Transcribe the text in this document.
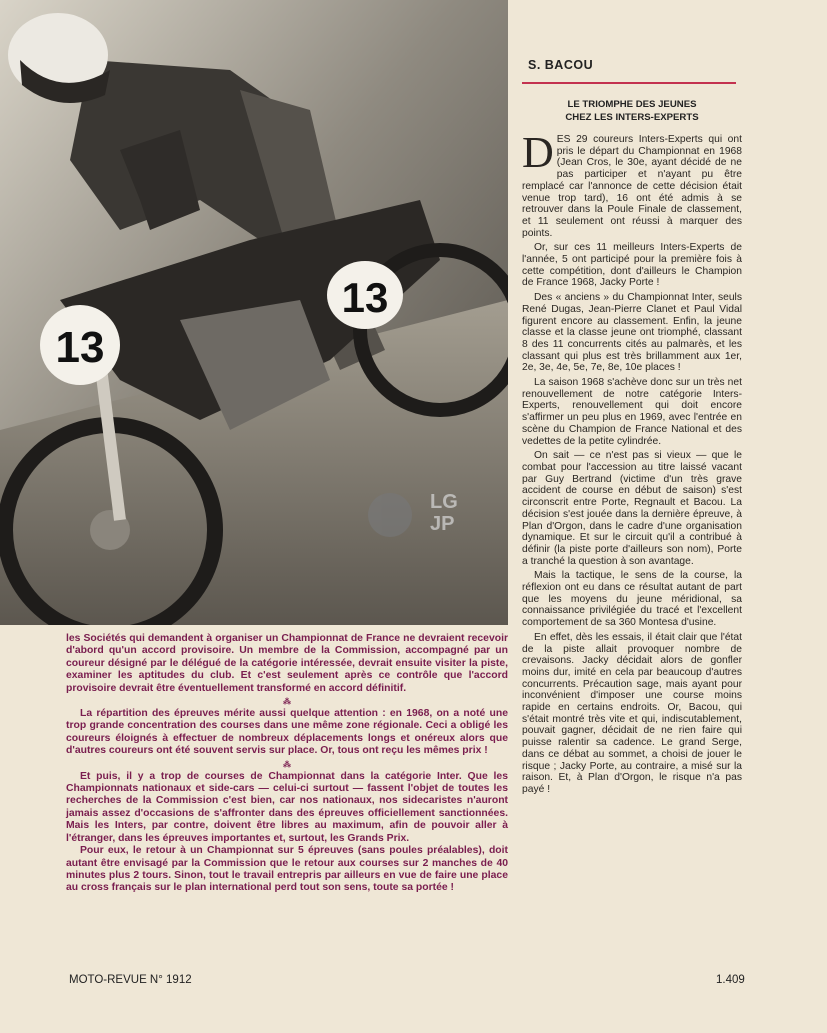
13
13
LG
JP

les Sociétés qui demandent à organiser un Championnat de France ne devraient recevoir d'abord qu'un accord provisoire. Un membre de la Commission, accompagné par un coureur désigné par le délégué de la catégorie intéressée, devrait ensuite visiter la piste, examiner les aptitudes du club. Et c'est seulement après ce contrôle que l'accord provisoire devrait être éventuellement transformé en accord définitif.

⁂

La répartition des épreuves mérite aussi quelque attention : en 1968, on a noté une trop grande concentration des courses dans une même zone régionale. Ceci a obligé les coureurs éloignés à effectuer de nombreux déplacements longs et onéreux alors que d'autres coureurs ont été souvent servis sur place. Or, tous ont reçu les mêmes prix !

⁂

Et puis, il y a trop de courses de Championnat dans la catégorie Inter. Que les Championnats nationaux et side-cars — celui-ci surtout — fassent l'objet de toutes les recherches de la Commission c'est bien, car nos nationaux, nos sidecaristes n'auront jamais assez d'occasions de s'affronter dans des épreuves officiellement sanctionnées. Mais les Inters, par contre, doivent être libres au maximum, afin de pouvoir aller à l'étranger, dans les épreuves importantes et, surtout, les Grands Prix.

Pour eux, le retour à un Championnat sur 5 épreuves (sans poules préalables), doit autant être envisagé par la Commission que le retour aux courses sur 2 manches de 40 minutes plus 2 tours. Sinon, tout le travail entrepris par ailleurs en vue de faire une place au cross français sur le plan international perd tout son sens, toute sa portée !

S. BACOU
LE TRIOMPHE DES JEUNES
CHEZ LES INTERS-EXPERTS

DES 29 coureurs Inters-Experts qui ont pris le départ du Championnat en 1968 (Jean Cros, le 30e, ayant décidé de ne pas participer et n'ayant pu être remplacé car l'annonce de cette décision était venue trop tard), 16 ont été admis à se retrouver dans la Poule Finale de classement, et 11 seulement ont réussi à marquer des points.

Or, sur ces 11 meilleurs Inters-Experts de l'année, 5 ont participé pour la première fois à cette compétition, dont d'ailleurs le Champion de France 1968, Jacky Porte !

Des « anciens » du Championnat Inter, seuls René Dugas, Jean-Pierre Clanet et Paul Vidal figurent encore au classement. Enfin, la jeune classe et la classe jeune ont triomphé, classant 8 des 11 concurrents cités au palmarès, et les classant qui plus est très brillamment aux 1er, 2e, 3e, 4e, 5e, 7e, 8e, 10e places !

La saison 1968 s'achève donc sur un très net renouvellement de notre catégorie Inters-Experts, renouvellement qui doit encore s'affirmer un peu plus en 1969, avec l'entrée en scène du Champion de France National et des vedettes de la petite cylindrée.

On sait — ce n'est pas si vieux — que le combat pour l'accession au titre laissé vacant par Guy Bertrand (victime d'un très grave accident de course en début de saison) s'est circonscrit entre Porte, Regnault et Bacou. La décision s'est jouée dans la dernière épreuve, à Plan d'Orgon, dans le cadre d'une organisation dynamique. Et sur le circuit qu'il a contribué à définir (la piste porte d'ailleurs son nom), Porte a tranché la question à son avantage.

Mais la tactique, le sens de la course, la réflexion ont eu dans ce résultat autant de part que les moyens du jeune méridional, sa connaissance privilégiée du tracé et l'excellent comportement de sa 360 Montesa d'usine.

En effet, dès les essais, il était clair que l'état de la piste allait provoquer nombre de crevaisons. Jacky décidait alors de gonfler moins dur, imité en cela par beaucoup d'autres concurrents. Précaution sage, mais ayant pour inconvénient d'imposer une course moins rapide en certains endroits. Or, Bacou, qui s'était montré très vite et qui, indiscutablement, pouvait gagner, décidait de ne rien faire qui puisse ralentir sa cadence. Le grand Serge, dans ce débat au sommet, a choisi de jouer le risque ; Jacky Porte, au contraire, a misé sur la raison. Et, à Plan d'Orgon, le risque n'a pas payé !

MOTO-REVUE N° 1912	1.409
